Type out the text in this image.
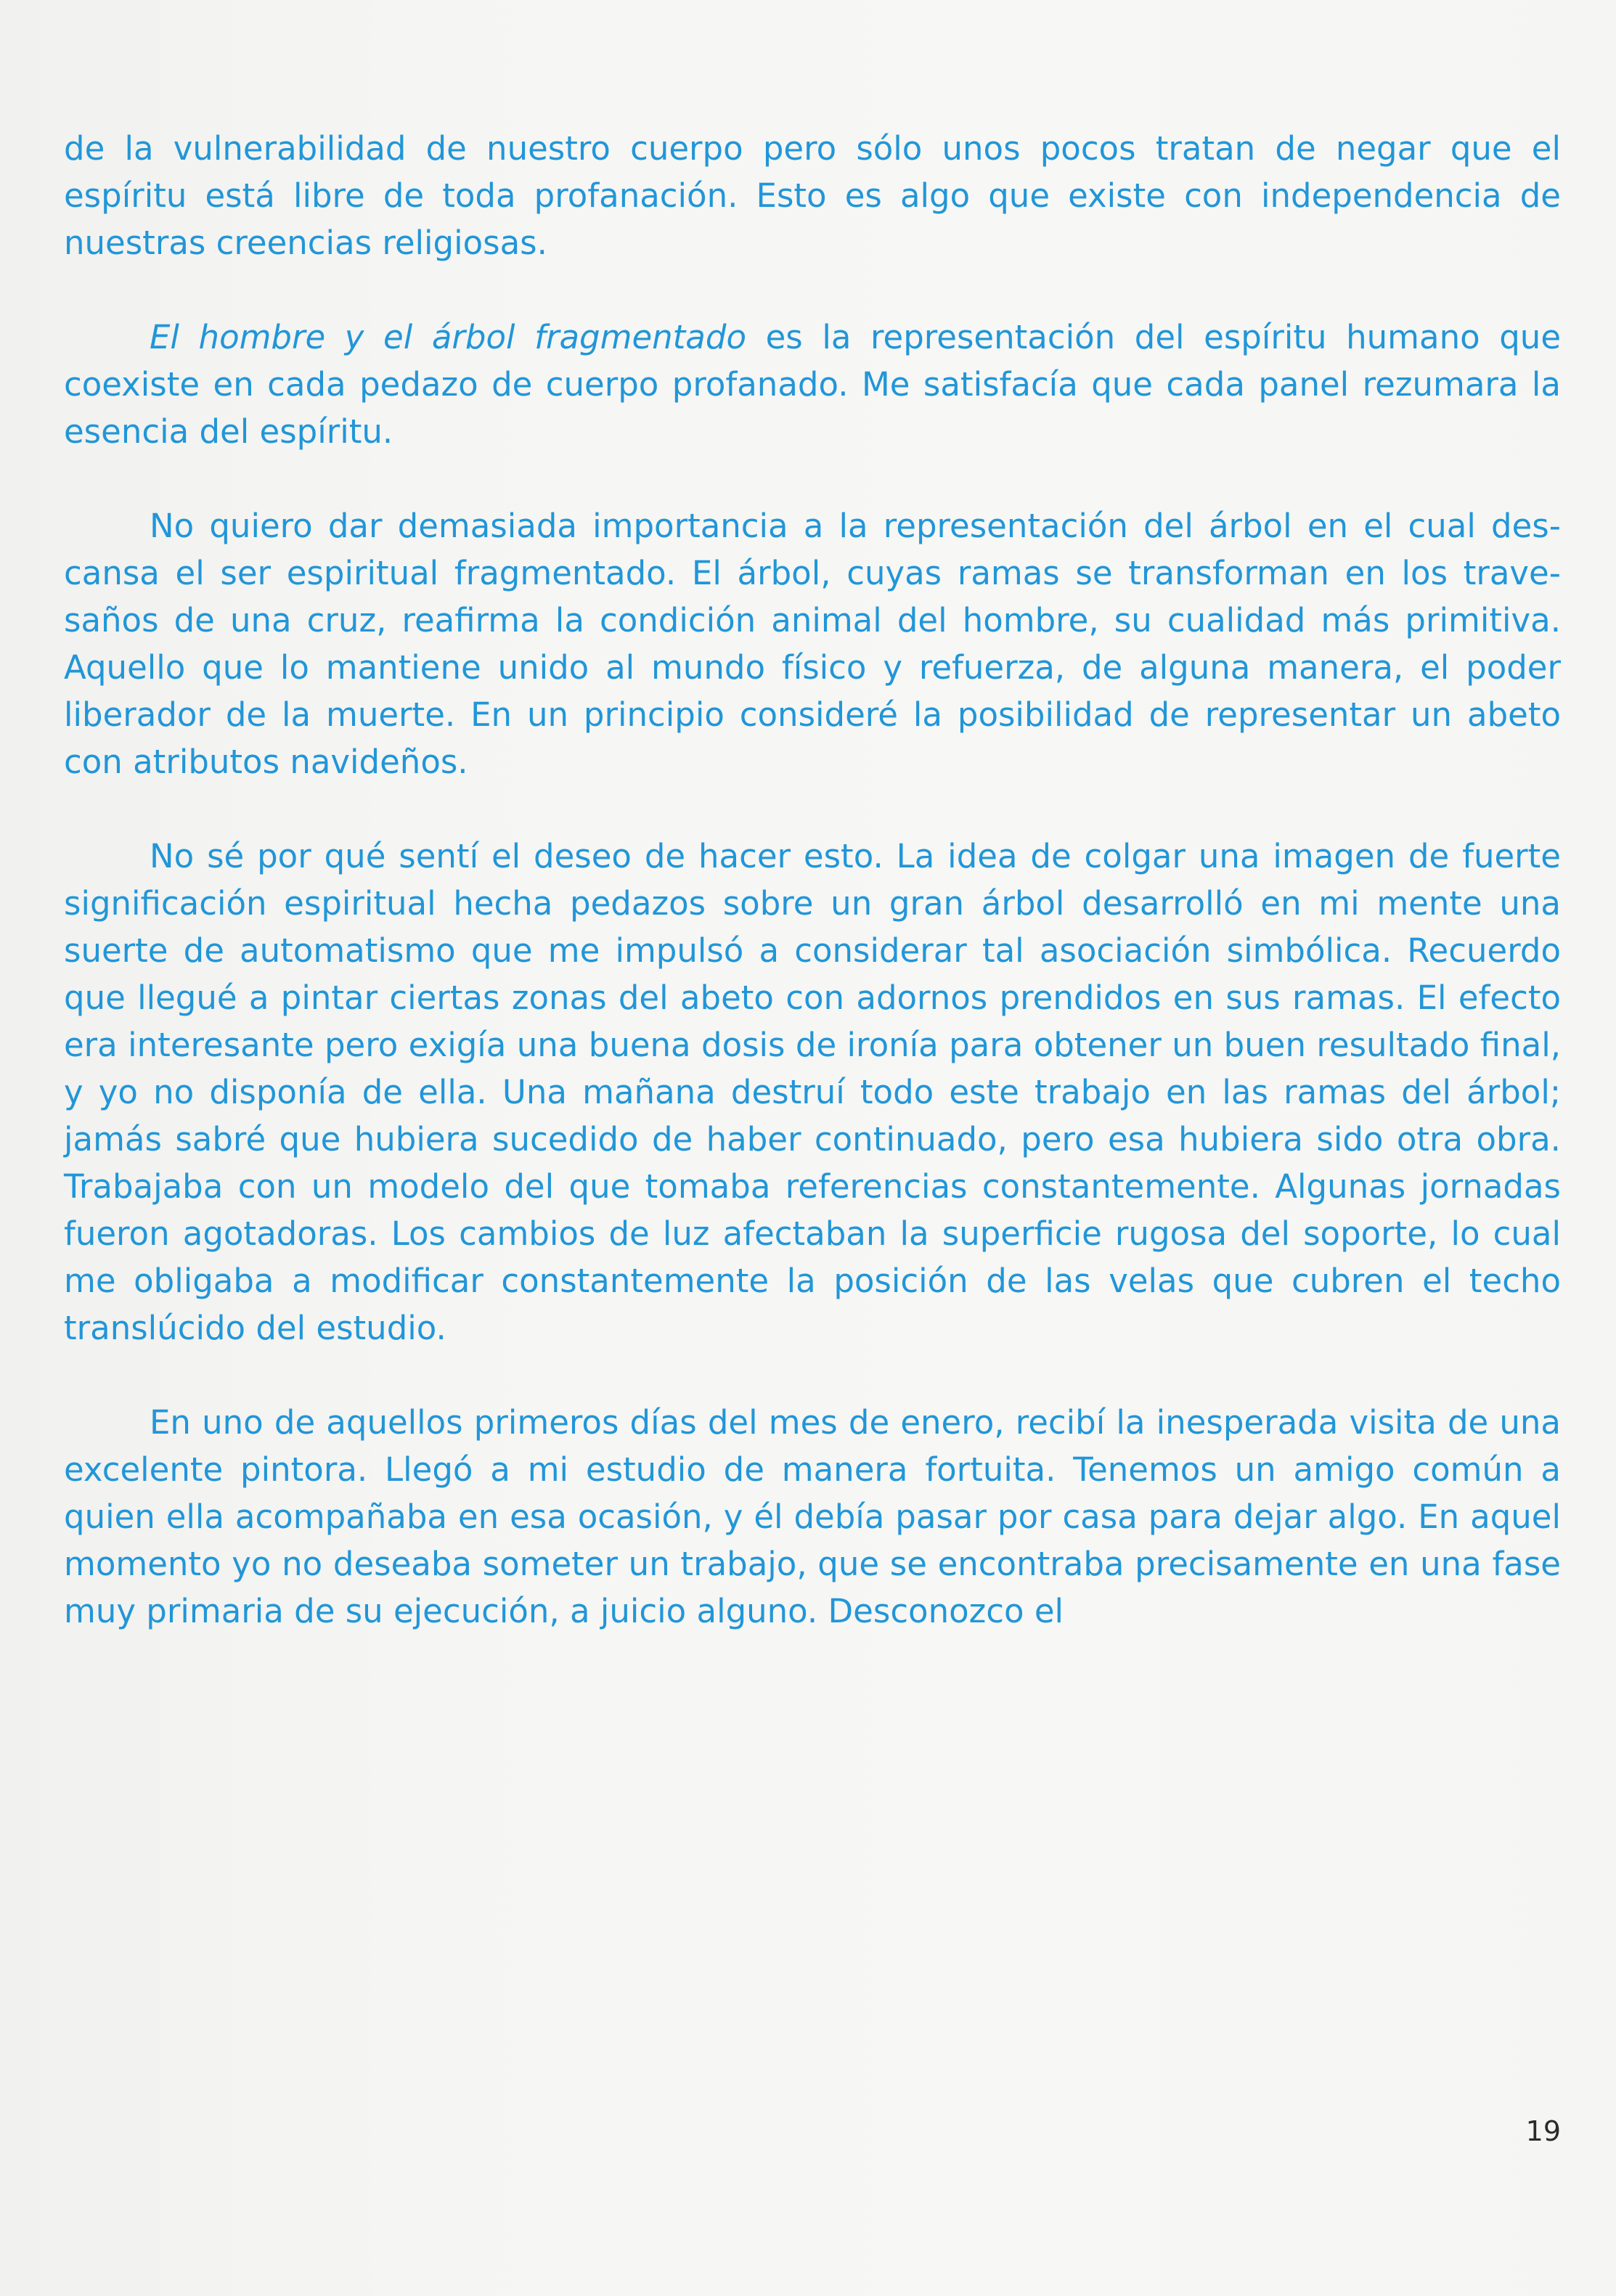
de la vulnerabilidad de nuestro cuerpo pero sólo unos pocos tratan de negar que el espíritu está libre de toda profanación. Esto es algo que existe con independencia de nuestras creencias religiosas.

El hombre y el árbol fragmentado es la representación del espíritu humano que coexiste en cada pedazo de cuerpo profanado. Me satisfacía que cada panel rezumara la esencia del espíritu.

No quiero dar demasiada importancia a la representación del árbol en el cual descansa el ser espiritual fragmentado. El árbol, cuyas ramas se transforman en los travesaños de una cruz, reafirma la condición animal del hombre, su cualidad más primitiva. Aquello que lo mantiene unido al mundo físico y refuerza, de alguna manera, el poder liberador de la muerte. En un principio consideré la posibilidad de representar un abeto con atributos navideños.

No sé por qué sentí el deseo de hacer esto. La idea de colgar una imagen de fuerte significación espiritual hecha pedazos sobre un gran árbol desarrolló en mi mente una suerte de automatismo que me impulsó a considerar tal asociación simbólica. Recuerdo que llegué a pintar ciertas zonas del abeto con adornos prendidos en sus ramas. El efecto era interesante pero exigía una buena dosis de ironía para obtener un buen resultado final, y yo no disponía de ella. Una mañana destruí todo este trabajo en las ramas del árbol; jamás sabré que hubiera sucedido de haber continuado, pero esa hubiera sido otra obra. Trabajaba con un modelo del que tomaba referencias constantemente. Algunas jornadas fueron agotadoras. Los cambios de luz afectaban la superficie rugosa del soporte, lo cual me obligaba a modificar constantemente la posición de las velas que cubren el techo translúcido del estudio.

En uno de aquellos primeros días del mes de enero, recibí la inesperada visita de una excelente pintora. Llegó a mi estudio de manera fortuita. Tenemos un amigo común a quien ella acompañaba en esa ocasión, y él debía pasar por casa para dejar algo. En aquel momento yo no deseaba someter un trabajo, que se encontraba precisamente en una fase muy primaria de su ejecución, a juicio alguno. Desconozco el

19
